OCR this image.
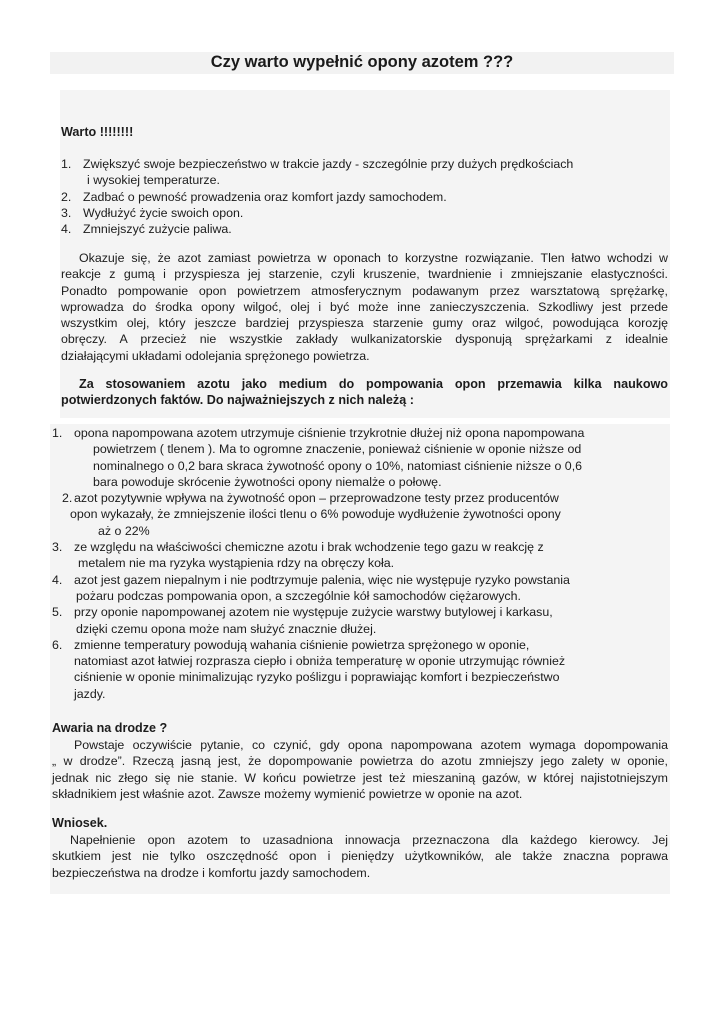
Czy warto wypełnić opony azotem ???
Warto !!!!!!!!
1. Zwiększyć swoje bezpieczeństwo w trakcie jazdy - szczególnie przy dużych prędkościach
i wysokiej temperaturze.
2. Zadbać o pewność prowadzenia oraz komfort jazdy samochodem.
3. Wydłużyć życie swoich opon.
4. Zmniejszyć zużycie paliwa.
Okazuje się, że azot zamiast powietrza w oponach to korzystne rozwiązanie. Tlen łatwo wchodzi w
reakcje z gumą i przyspiesza jej starzenie, czyli kruszenie, twardnienie i zmniejszanie elastyczności.
Ponadto pompowanie opon powietrzem atmosferycznym podawanym przez warsztatową sprężarkę,
wprowadza do środka opony wilgoć, olej i być może inne zanieczyszczenia. Szkodliwy jest przede
wszystkim olej, który jeszcze bardziej przyspiesza starzenie gumy oraz wilgoć, powodująca korozję
obręczy. A przecież nie wszystkie zakłady wulkanizatorskie dysponują sprężarkami z idealnie
działającymi układami odolejania sprężonego powietrza.
Za stosowaniem azotu jako medium do pompowania opon przemawia kilka naukowo
potwierdzonych faktów. Do najważniejszych z nich należą :
1. opona napompowana azotem utrzymuje ciśnienie trzykrotnie dłużej niż opona napompowana
powietrzem ( tlenem ). Ma to ogromne znaczenie, ponieważ ciśnienie w oponie niższe od
nominalnego o 0,2 bara skraca żywotność opony o 10%, natomiast ciśnienie niższe o 0,6
bara powoduje skrócenie żywotności opony niemalże o połowę.
2. azot pozytywnie wpływa na żywotność opon – przeprowadzone testy przez producentów
opon wykazały, że zmniejszenie ilości tlenu o 6% powoduje wydłużenie żywotności opony
aż o 22%
3. ze względu na właściwości chemiczne azotu i brak wchodzenie tego gazu w reakcję z
metalem nie ma ryzyka wystąpienia rdzy na obręczy koła.
4. azot jest gazem niepalnym i nie podtrzymuje palenia, więc nie występuje ryzyko powstania
pożaru podczas pompowania opon, a szczególnie kół samochodów ciężarowych.
5. przy oponie napompowanej azotem nie występuje zużycie warstwy butylowej i karkasu,
dzięki czemu opona może nam służyć znacznie dłużej.
6. zmienne temperatury powodują wahania ciśnienie powietrza sprężonego w oponie,
natomiast azot łatwiej rozprasza ciepło i obniża temperaturę w oponie utrzymując również
ciśnienie w oponie minimalizując ryzyko poślizgu i poprawiając komfort i bezpieczeństwo
jazdy.
Awaria na drodze ?
Powstaje oczywiście pytanie, co czynić, gdy opona napompowana azotem wymaga dopompowania
„ w drodze”. Rzeczą jasną jest, że dopompowanie powietrza do azotu zmniejszy jego zalety w oponie,
jednak nic złego się nie stanie. W końcu powietrze jest też mieszaniną gazów, w której najistotniejszym
składnikiem jest właśnie azot. Zawsze możemy wymienić powietrze w oponie na azot.
Wniosek.
Napełnienie opon azotem to uzasadniona innowacja przeznaczona dla każdego kierowcy. Jej
skutkiem jest nie tylko oszczędność opon i pieniędzy użytkowników, ale także znaczna poprawa
bezpieczeństwa na drodze i komfortu jazdy samochodem.
